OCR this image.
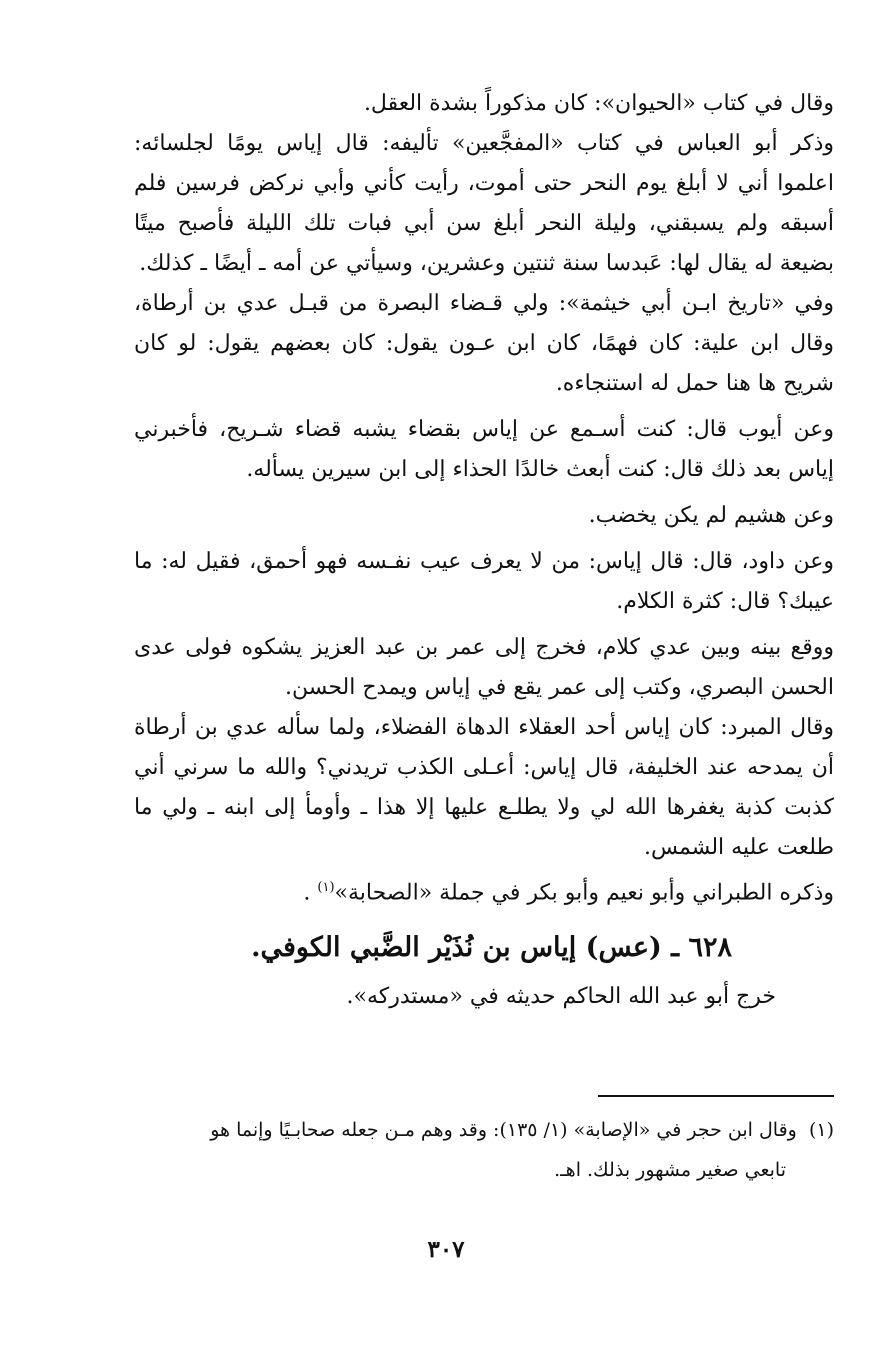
وقال في كتاب «الحيوان»: كان مذكوراً بشدة العقل.

وذكر أبو العباس في كتاب «المفجَّعين» تأليفه: قال إياس يومًا لجلسائه: اعلموا أني لا أبلغ يوم النحر حتى أموت، رأيت كأني وأبي نركض فرسين فلم أسبقه ولم يسبقني، وليلة النحر أبلغ سن أبي فبات تلك الليلة فأصبح ميتًا بضيعة له يقال لها: عَبدسا سنة ثنتين وعشرين، وسيأتي عن أمه ـ أيضًا ـ كذلك.

وفي «تاريخ ابـن أبي خيثمة»: ولي قـضاء البصرة من قبـل عدي بن أرطاة، وقال ابن علية: كان فهمًا، كان ابن عـون يقول: كان بعضهم يقول: لو كان شريح ها هنا حمل له استنجاءه.

وعن أيوب قال: كنت أسـمع عن إياس بقضاء يشبه قضاء شـريح، فأخبرني إياس بعد ذلك قال: كنت أبعث خالدًا الحذاء إلى ابن سيرين يسأله.

وعن هشيم لم يكن يخضب.

وعن داود، قال: قال إياس: من لا يعرف عيب نفـسه فهو أحمق، فقيل له: ما عيبك؟ قال: كثرة الكلام.

ووقع بينه وبين عدي كلام، فخرج إلى عمر بن عبد العزيز يشكوه فولى عدى الحسن البصري، وكتب إلى عمر يقع في إياس ويمدح الحسن.

وقال المبرد: كان إياس أحد العقلاء الدهاة الفضلاء، ولما سأله عدي بن أرطاة أن يمدحه عند الخليفة، قال إياس: أعـلى الكذب تريدني؟ والله ما سرني أني كذبت كذبة يغفرها الله لي ولا يطلـع عليها إلا هذا ـ وأومأ إلى ابنه ـ ولي ما طلعت عليه الشمس.

وذكره الطبراني وأبو نعيم وأبو بكر في جملة «الصحابة»$^{(١)}$ .

٦٢٨ ـ (عس) إياس بن نُذَيْر الضَّبي الكوفي.
خرج أبو عبد الله الحاكم حديثه في «مستدركه».
(١)  وقال ابن حجر في «الإصابة» (١/ ١٣٥): وقد وهم مـن جعله صحابـيًا وإنما هو
تابعي صغير مشهور بذلك. اهـ.
٣٠٧
